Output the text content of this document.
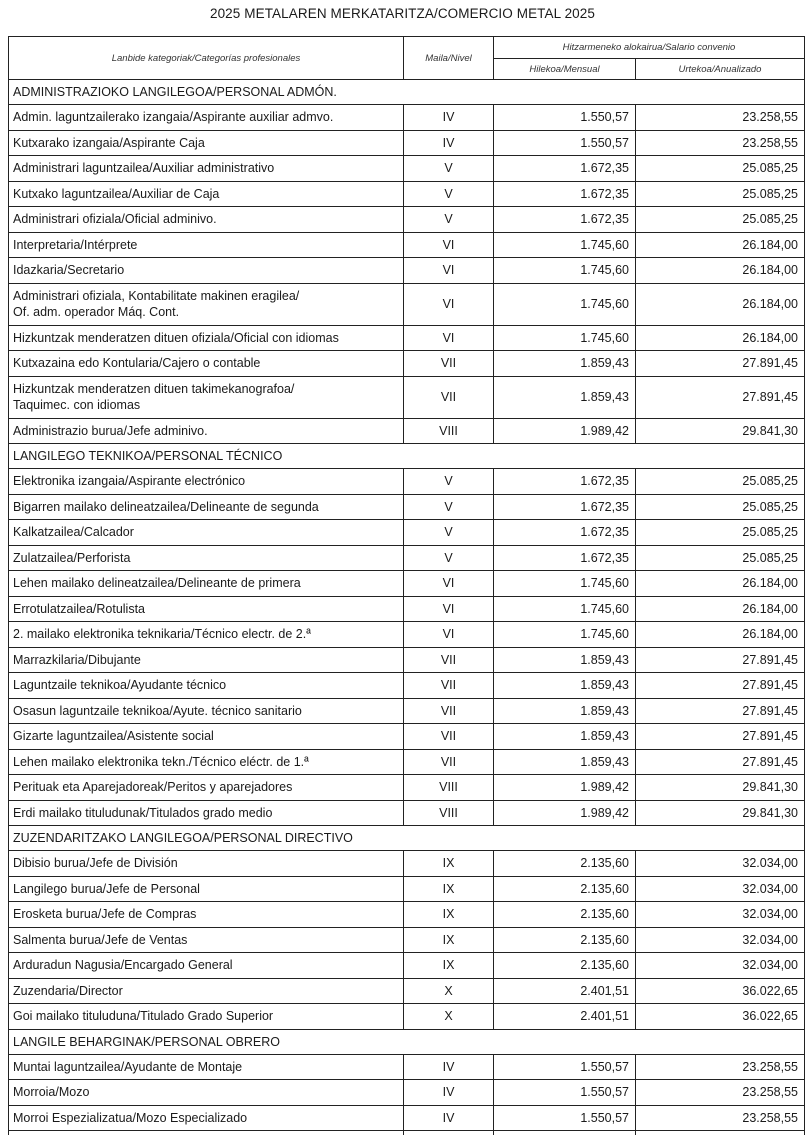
2025 METALAREN MERKATARITZA/COMERCIO METAL 2025
Lanbide kategoriak/Categorías profesionales	Maila/Nivel	Hitzarmeneko alokairua/Salario convenio	
		Hilekoa/Mensual	Urtekoa/Anualizado
ADMINISTRAZIOKO LANGILEGOA/PERSONAL ADMÓN.			

Admin. laguntzailerako izangaia/Aspirante auxiliar admvo.	IV	1.550,57	23.258,55

Kutxarako izangaia/Aspirante Caja	IV	1.550,57	23.258,55

Administrari laguntzailea/Auxiliar administrativo	V	1.672,35	25.085,25

Kutxako laguntzailea/Auxiliar de Caja	V	1.672,35	25.085,25

Administrari ofiziala/Oficial adminivo.	V	1.672,35	25.085,25

Interpretaria/Intérprete	VI	1.745,60	26.184,00

Idazkaria/Secretario	VI	1.745,60	26.184,00

Administrari ofiziala, Kontabilitate makinen eragilea/
Of. adm. operador Máq. Cont.	VI	1.745,60	26.184,00

Hizkuntzak menderatzen dituen ofiziala/Oficial con idiomas	VI	1.745,60	26.184,00

Kutxazaina edo Kontularia/Cajero o contable	VII	1.859,43	27.891,45

Hizkuntzak menderatzen dituen takimekanografoa/
Taquimec. con idiomas	VII	1.859,43	27.891,45

Administrazio burua/Jefe adminivo.	VIII	1.989,42	29.841,30
LANGILEGO TEKNIKOA/PERSONAL TÉCNICO			

Elektronika izangaia/Aspirante electrónico	V	1.672,35	25.085,25

Bigarren mailako delineatzailea/Delineante de segunda	V	1.672,35	25.085,25

Kalkatzailea/Calcador	V	1.672,35	25.085,25

Zulatzailea/Perforista	V	1.672,35	25.085,25

Lehen mailako delineatzailea/Delineante de primera	VI	1.745,60	26.184,00

Errotulatzailea/Rotulista	VI	1.745,60	26.184,00

2. mailako elektronika teknikaria/Técnico electr. de 2.ª	VI	1.745,60	26.184,00

Marrazkilaria/Dibujante	VII	1.859,43	27.891,45

Laguntzaile teknikoa/Ayudante técnico	VII	1.859,43	27.891,45

Osasun laguntzaile teknikoa/Ayute. técnico sanitario	VII	1.859,43	27.891,45

Gizarte laguntzailea/Asistente social	VII	1.859,43	27.891,45

Lehen mailako elektronika tekn./Técnico eléctr. de 1.ª	VII	1.859,43	27.891,45

Perituak eta Aparejadoreak/Peritos y aparejadores	VIII	1.989,42	29.841,30

Erdi mailako tituludunak/Titulados grado medio	VIII	1.989,42	29.841,30
ZUZENDARITZAKO LANGILEGOA/PERSONAL DIRECTIVO			

Dibisio burua/Jefe de División	IX	2.135,60	32.034,00

Langilego burua/Jefe de Personal	IX	2.135,60	32.034,00

Erosketa burua/Jefe de Compras	IX	2.135,60	32.034,00

Salmenta burua/Jefe de Ventas	IX	2.135,60	32.034,00

Arduradun Nagusia/Encargado General	IX	2.135,60	32.034,00

Zuzendaria/Director	X	2.401,51	36.022,65

Goi mailako tituluduna/Titulado Grado Superior	X	2.401,51	36.022,65
LANGILE BEHARGINAK/PERSONAL OBRERO			

Muntai laguntzailea/Ayudante de Montaje	IV	1.550,57	23.258,55

Morroia/Mozo	IV	1.550,57	23.258,55

Morroi Espezializatua/Mozo Especializado	IV	1.550,57	23.258,55
